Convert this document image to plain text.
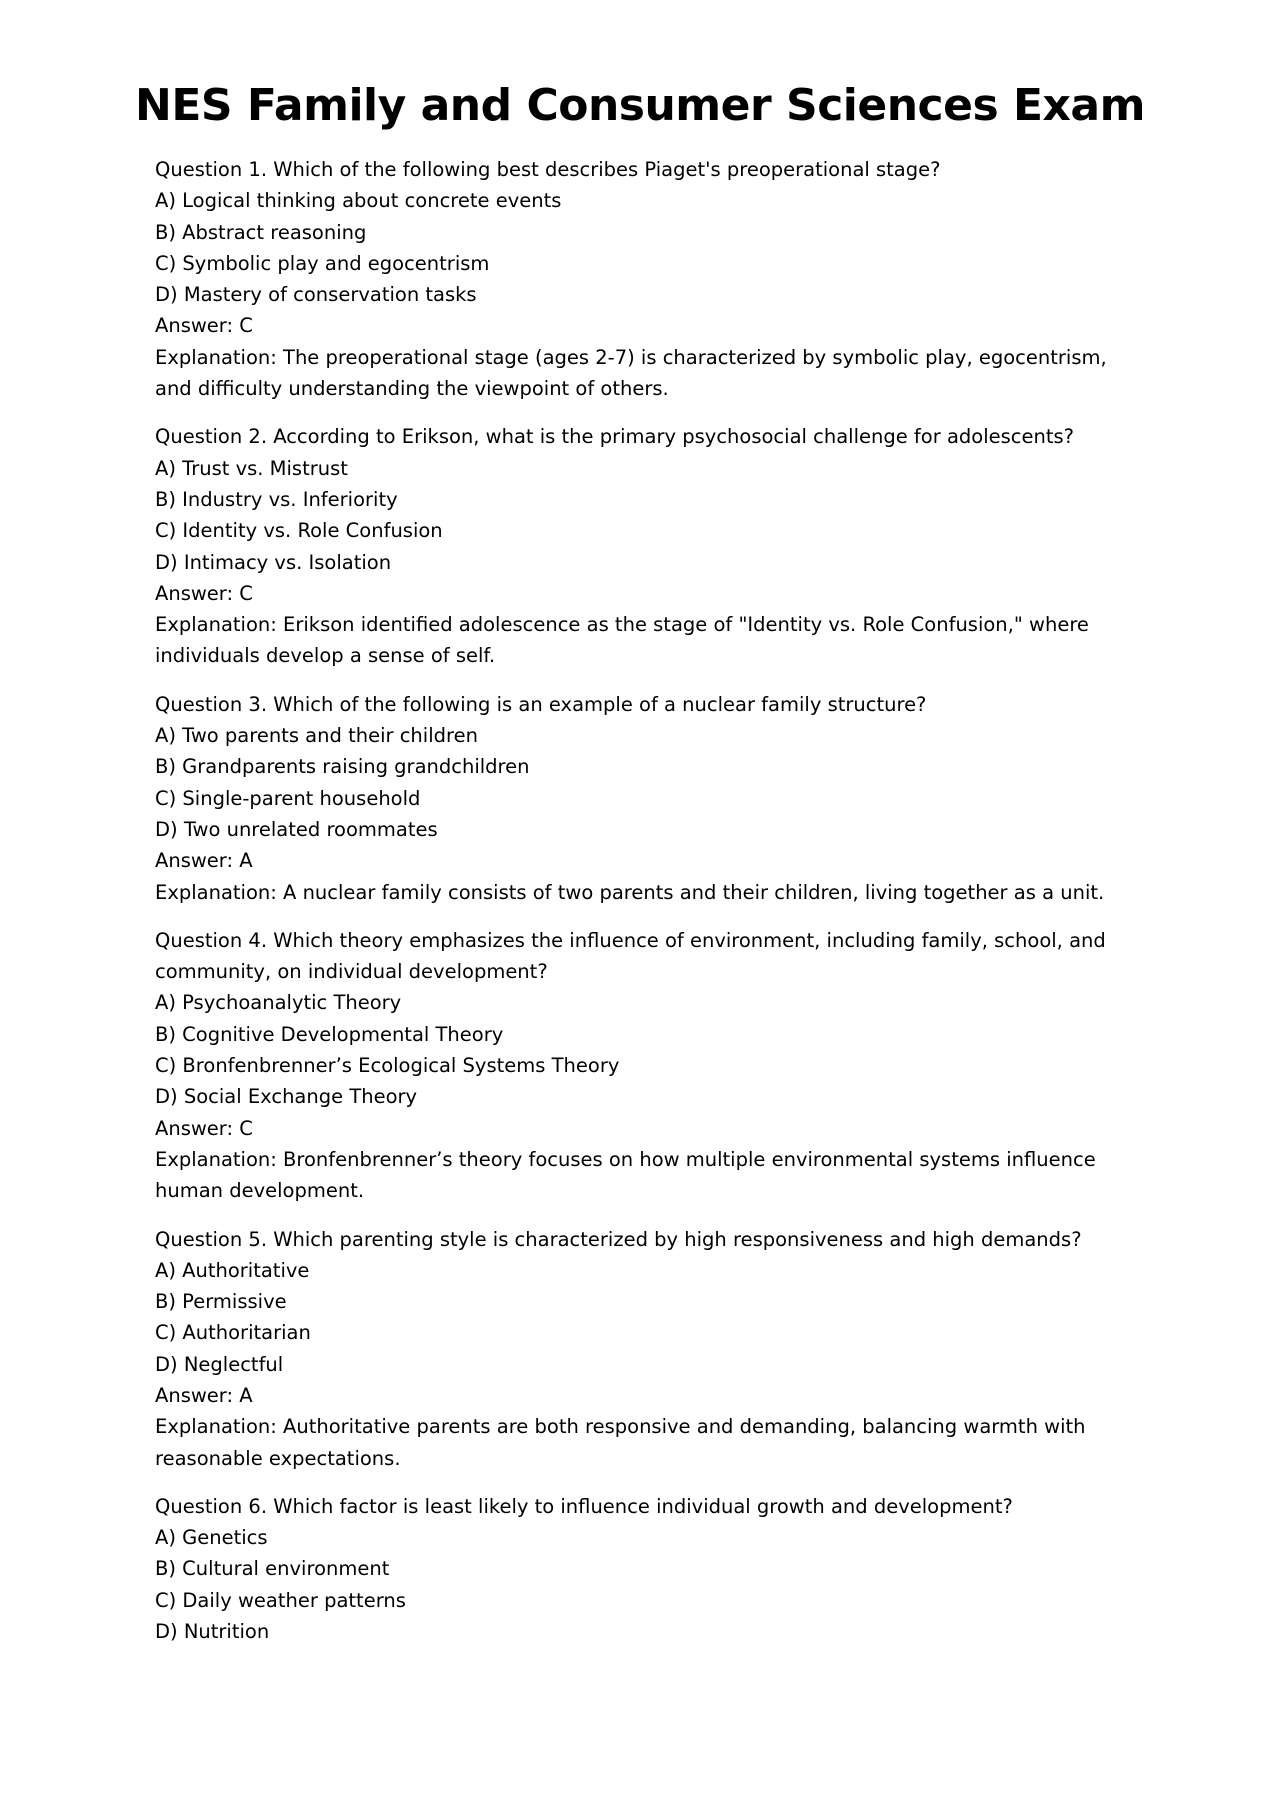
NES Family and Consumer Sciences Exam
Question 1. Which of the following best describes Piaget's preoperational stage?
A) Logical thinking about concrete events
B) Abstract reasoning
C) Symbolic play and egocentrism
D) Mastery of conservation tasks
Answer: C
Explanation: The preoperational stage (ages 2-7) is characterized by symbolic play, egocentrism, and difficulty understanding the viewpoint of others.
Question 2. According to Erikson, what is the primary psychosocial challenge for adolescents?
A) Trust vs. Mistrust
B) Industry vs. Inferiority
C) Identity vs. Role Confusion
D) Intimacy vs. Isolation
Answer: C
Explanation: Erikson identified adolescence as the stage of "Identity vs. Role Confusion," where individuals develop a sense of self.
Question 3. Which of the following is an example of a nuclear family structure?
A) Two parents and their children
B) Grandparents raising grandchildren
C) Single-parent household
D) Two unrelated roommates
Answer: A
Explanation: A nuclear family consists of two parents and their children, living together as a unit.
Question 4. Which theory emphasizes the influence of environment, including family, school, and community, on individual development?
A) Psychoanalytic Theory
B) Cognitive Developmental Theory
C) Bronfenbrenner’s Ecological Systems Theory
D) Social Exchange Theory
Answer: C
Explanation: Bronfenbrenner’s theory focuses on how multiple environmental systems influence human development.
Question 5. Which parenting style is characterized by high responsiveness and high demands?
A) Authoritative
B) Permissive
C) Authoritarian
D) Neglectful
Answer: A
Explanation: Authoritative parents are both responsive and demanding, balancing warmth with reasonable expectations.
Question 6. Which factor is least likely to influence individual growth and development?
A) Genetics
B) Cultural environment
C) Daily weather patterns
D) Nutrition
